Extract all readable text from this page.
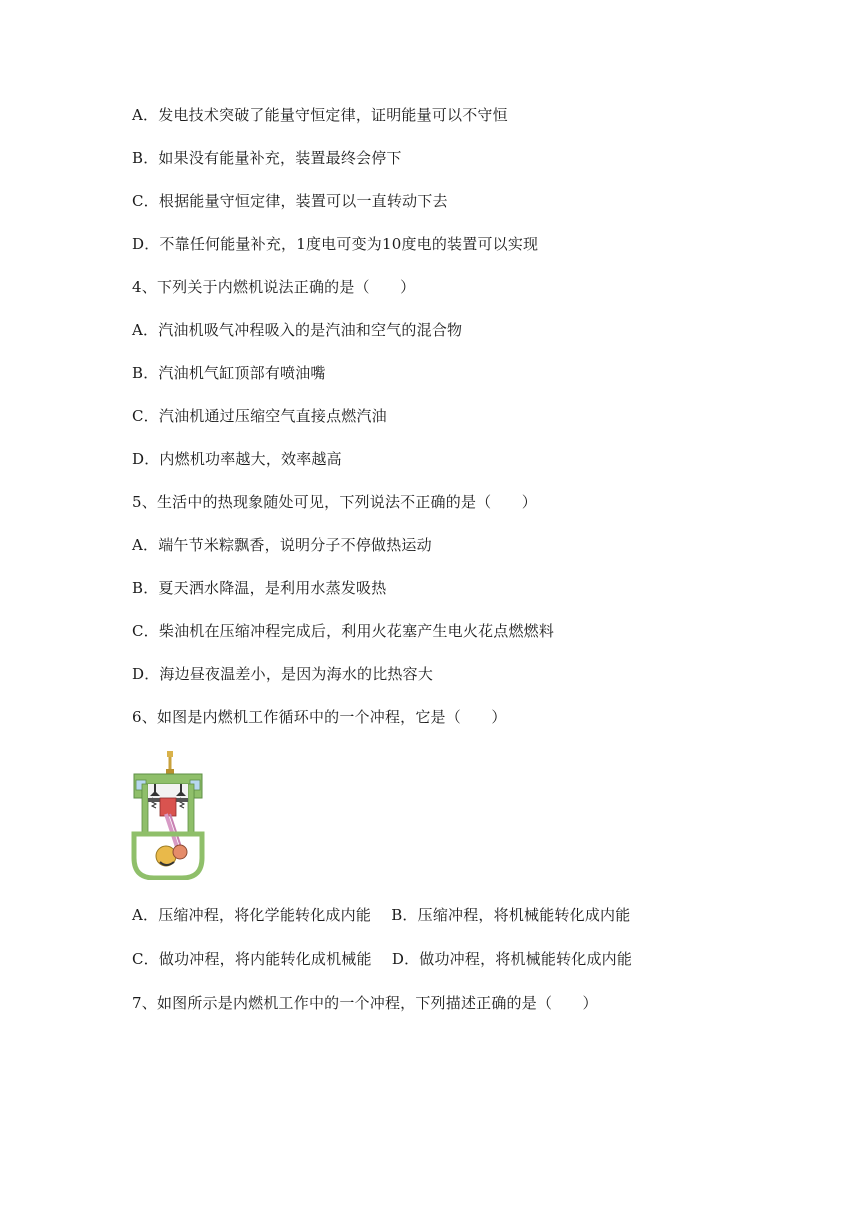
A．发电技术突破了能量守恒定律，证明能量可以不守恒
B．如果没有能量补充，装置最终会停下
C．根据能量守恒定律，装置可以一直转动下去
D．不靠任何能量补充，1度电可变为10度电的装置可以实现
4、下列关于内燃机说法正确的是（　　）
A．汽油机吸气冲程吸入的是汽油和空气的混合物
B．汽油机气缸顶部有喷油嘴
C．汽油机通过压缩空气直接点燃汽油
D．内燃机功率越大，效率越高
5、生活中的热现象随处可见，下列说法不正确的是（　　）
A．端午节米粽飘香，说明分子不停做热运动
B．夏天洒水降温，是利用水蒸发吸热
C．柴油机在压缩冲程完成后，利用火花塞产生电火花点燃燃料
D．海边昼夜温差小，是因为海水的比热容大
6、如图是内燃机工作循环中的一个冲程，它是（　　）
A．压缩冲程，将化学能转化成内能　 B．压缩冲程，将机械能转化成内能
C．做功冲程，将内能转化成机械能　 D．做功冲程，将机械能转化成内能
7、如图所示是内燃机工作中的一个冲程，下列描述正确的是（　　）
